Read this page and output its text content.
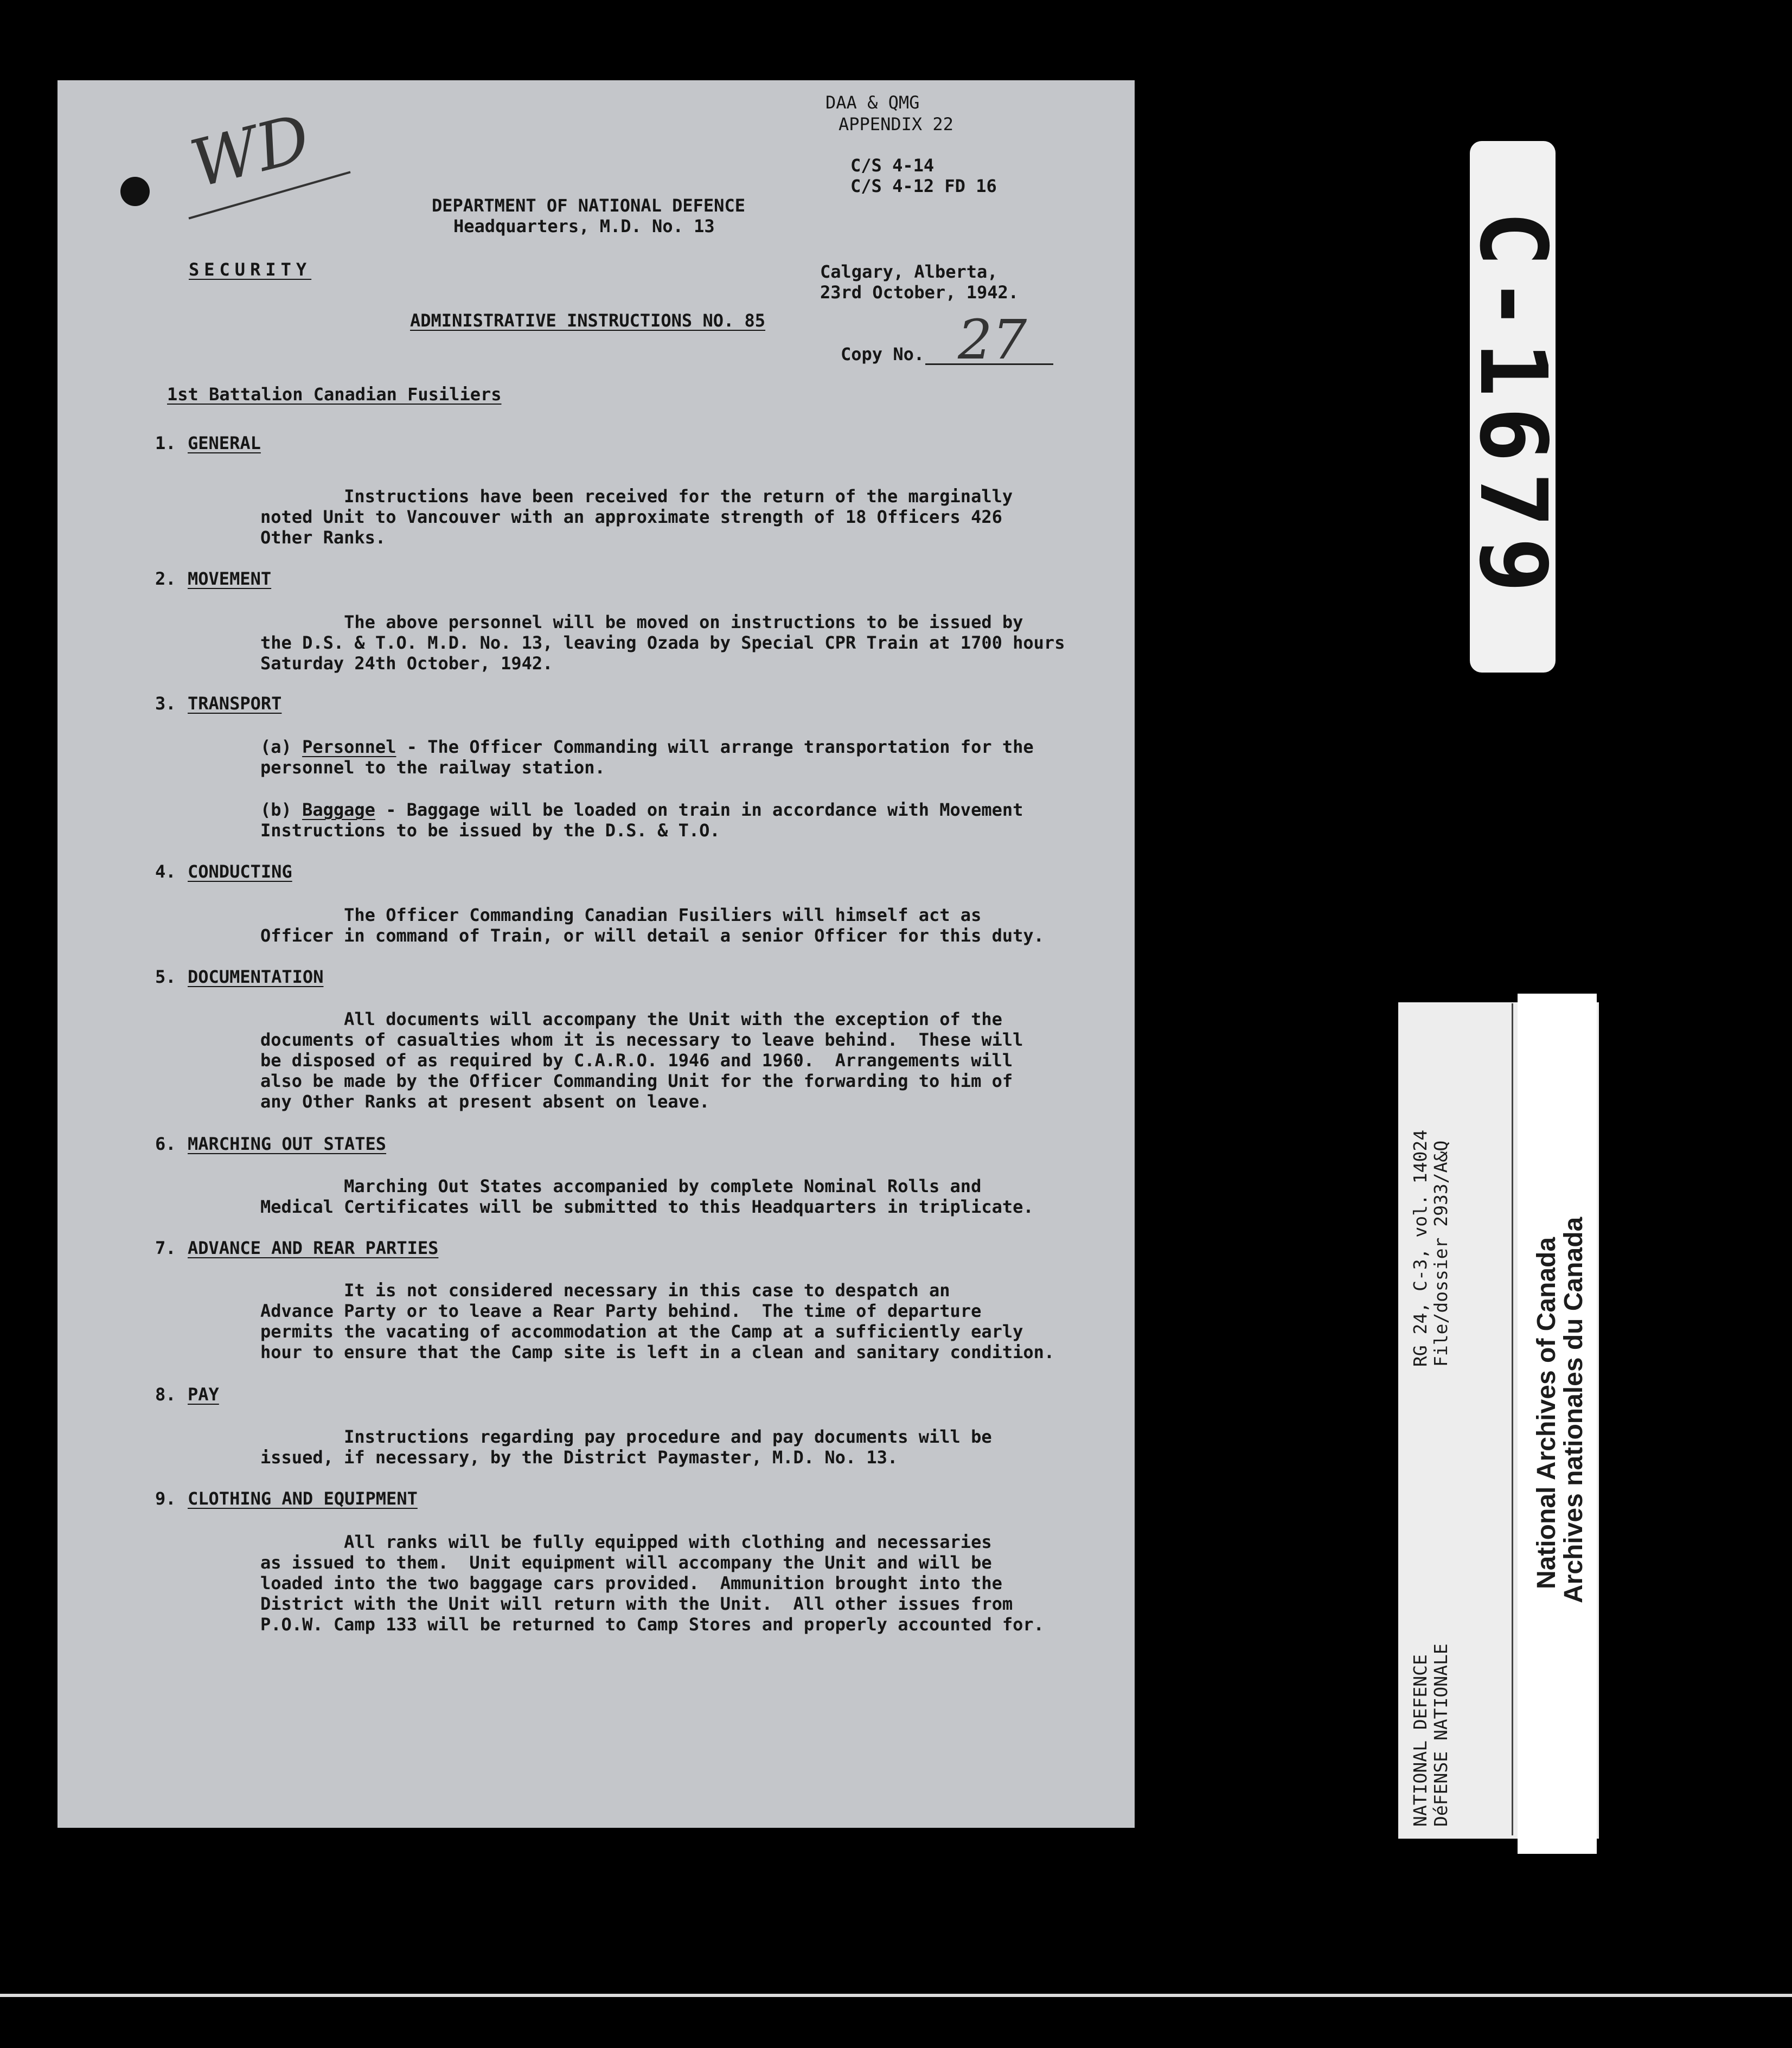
DAA & QMG
APPENDIX 22
C/S 4-14
C/S 4-12 FD 16
WD
DEPARTMENT OF NATIONAL DEFENCE
Headquarters, M.D. No. 13
SECURITY	Calgary, Alberta,
23rd October, 1942.
ADMINISTRATIVE INSTRUCTIONS NO. 85
Copy No. 27
1st Battalion Canadian Fusiliers
1. GENERAL
Instructions have been received for the return of the marginally
noted Unit to Vancouver with an approximate strength of 18 Officers 426
Other Ranks.
2. MOVEMENT
The above personnel will be moved on instructions to be issued by
the D.S. & T.O. M.D. No. 13, leaving Ozada by Special CPR Train at 1700 hours
Saturday 24th October, 1942.
3. TRANSPORT
(a) Personnel - The Officer Commanding will arrange transportation for the
personnel to the railway station.
(b) Baggage - Baggage will be loaded on train in accordance with Movement
Instructions to be issued by the D.S. & T.O.
4. CONDUCTING
The Officer Commanding Canadian Fusiliers will himself act as
Officer in command of Train, or will detail a senior Officer for this duty.
5. DOCUMENTATION
All documents will accompany the Unit with the exception of the
documents of casualties whom it is necessary to leave behind.  These will
be disposed of as required by C.A.R.O. 1946 and 1960.  Arrangements will
also be made by the Officer Commanding Unit for the forwarding to him of
any Other Ranks at present absent on leave.
6. MARCHING OUT STATES
Marching Out States accompanied by complete Nominal Rolls and
Medical Certificates will be submitted to this Headquarters in triplicate.
7. ADVANCE AND REAR PARTIES
It is not considered necessary in this case to despatch an
Advance Party or to leave a Rear Party behind.  The time of departure
permits the vacating of accommodation at the Camp at a sufficiently early
hour to ensure that the Camp site is left in a clean and sanitary condition.
8. PAY
Instructions regarding pay procedure and pay documents will be
issued, if necessary, by the District Paymaster, M.D. No. 13.
9. CLOTHING AND EQUIPMENT
All ranks will be fully equipped with clothing and necessaries
as issued to them.  Unit equipment will accompany the Unit and will be
loaded into the two baggage cars provided.  Ammunition brought into the
District with the Unit will return with the Unit.  All other issues from
P.O.W. Camp 133 will be returned to Camp Stores and properly accounted for.
C-1679
RG 24, C-3, vol. 14024 File/dossier 2933/A&Q
NATIONAL DEFENCE DéFENSE NATIONALE
National Archives of Canada
Archives nationales du Canada
